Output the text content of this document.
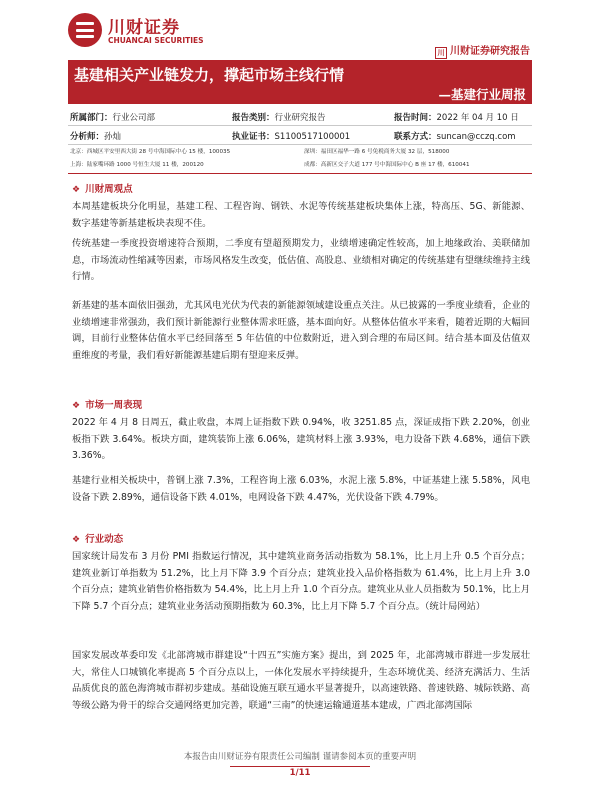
川财证券
CHUANCAI SECURITIES
川 川财证券研究报告
基建相关产业链发力，撑起市场主线行情
—基建行业周报
所属部门：行业公司部	报告类别：行业研究报告	报告时间：2022 年 04 月 10 日
分析师：孙灿	执业证书：S1100517100001	联系方式：suncan@cczq.com
北京：西城区平安里西大街 28 号中海国际中心 15 楼，100035	深圳：福田区福华一路 6 号免税商务大厦 32 层，518000
上海：陆家嘴环路 1000 号恒生大厦 11 楼，200120	成都：高新区交子大道 177 号中海国际中心 B 座 17 楼，610041
❖ 川财周观点

本周基建板块分化明显，基建工程、工程咨询、钢铁、水泥等传统基建板块集体上涨，特高压、5G、新能源、数字基建等新基建板块表现不佳。

传统基建一季度投资增速符合预期，二季度有望超预期发力，业绩增速确定性较高，加上地缘政治、美联储加息，市场流动性缩减等因素，市场风格发生改变，低估值、高股息、业绩相对确定的传统基建有望继续维持主线行情。

新基建的基本面依旧强劲，尤其风电光伏为代表的新能源领域建设重点关注。从已披露的一季度业绩看，企业的业绩增速非常强劲，我们预计新能源行业整体需求旺盛，基本面向好。从整体估值水平来看，随着近期的大幅回调，目前行业整体估值水平已经回落至 5 年估值的中位数附近，进入到合理的布局区间。结合基本面及估值双重维度的考量，我们看好新能源基建后期有望迎来反弹。

❖ 市场一周表现

2022 年 4 月 8 日周五，截止收盘，本周上证指数下跌 0.94%，收 3251.85 点，深证成指下跌 2.20%，创业板指下跌 3.64%。板块方面，建筑装饰上涨 6.06%，建筑材料上涨 3.93%，电力设备下跌 4.68%，通信下跌 3.36%。

基建行业相关板块中，普钢上涨 7.3%，工程咨询上涨 6.03%，水泥上涨 5.8%，中证基建上涨 5.58%，风电设备下跌 2.89%，通信设备下跌 4.01%，电网设备下跌 4.47%，光伏设备下跌 4.79%。

❖ 行业动态

国家统计局发布 3 月份 PMI 指数运行情况，其中建筑业商务活动指数为 58.1%，比上月上升 0.5 个百分点；建筑业新订单指数为 51.2%，比上月下降 3.9 个百分点；建筑业投入品价格指数为 61.4%，比上月上升 3.0 个百分点；建筑业销售价格指数为 54.4%，比上月上升 1.0 个百分点。建筑业从业人员指数为 50.1%，比上月下降 5.7 个百分点；建筑业业务活动预期指数为 60.3%，比上月下降 5.7 个百分点。（统计局网站）

国家发展改革委印发《北部湾城市群建设“十四五”实施方案》提出，到 2025 年，北部湾城市群进一步发展壮大，常住人口城镇化率提高 5 个百分点以上，一体化发展水平持续提升，生态环境优美、经济充满活力、生活品质优良的蓝色海湾城市群初步建成。基础设施互联互通水平显著提升，以高速铁路、普速铁路、城际铁路、高等级公路为骨干的综合交通网络更加完善，联通“三南”的快速运输通道基本建成，广西北部湾国际

本报告由川财证券有限责任公司编制 谨请参阅本页的重要声明
1/11
